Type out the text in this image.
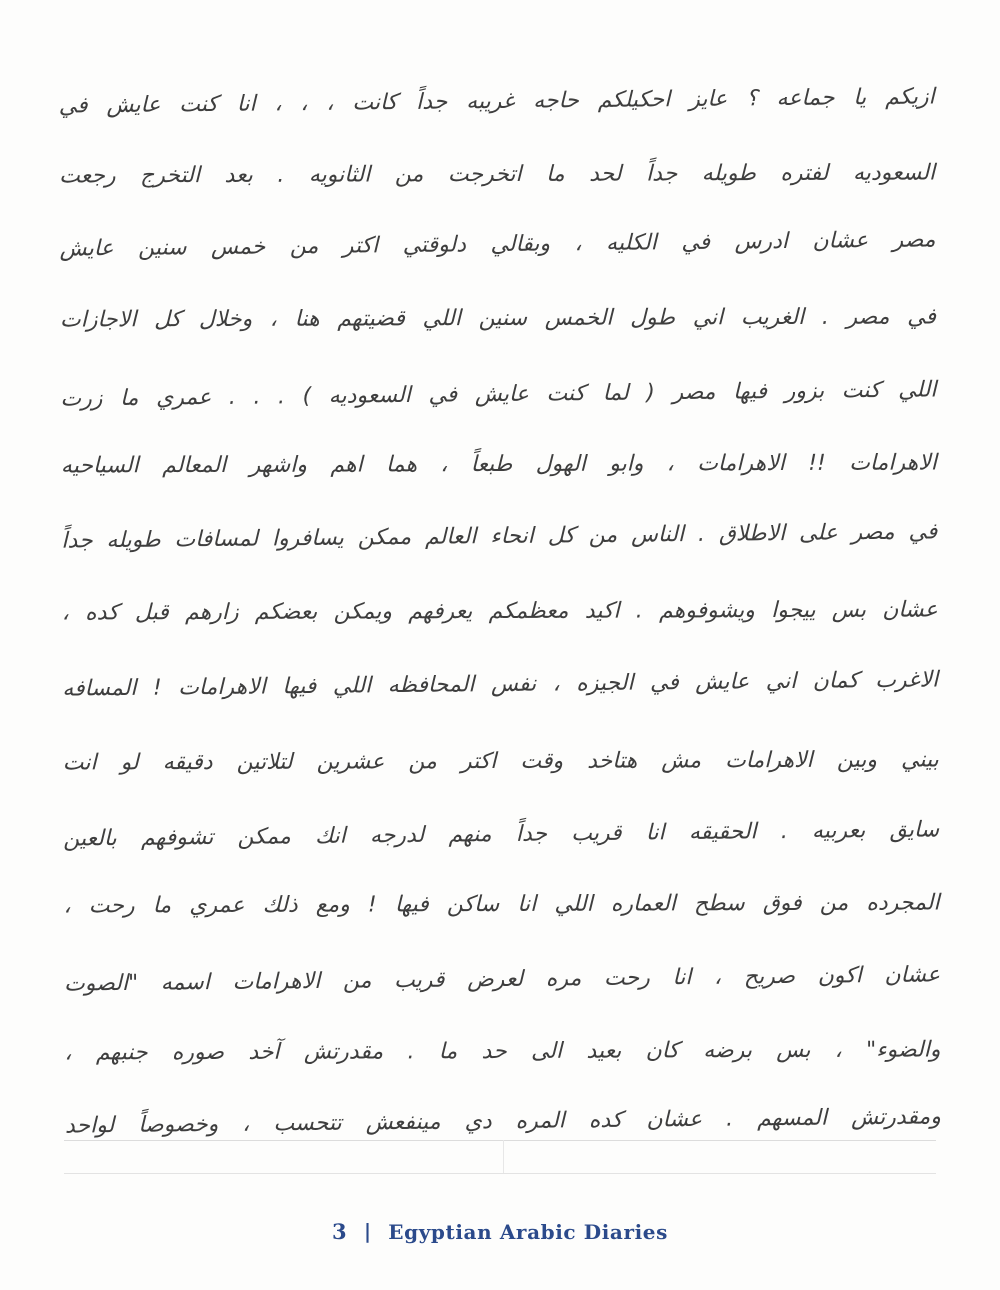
ازيكم يا جماعه ؟ عايز احكيلكم حاجه غريبه جداً كانت ، ، ، انا كنت عايش في
السعوديه لفتره طويله جداً لحد ما اتخرجت من الثانويه . بعد التخرج رجعت
مصر عشان ادرس في الكليه ، وبقالي دلوقتي اكتر من خمس سنين عايش
في مصر . الغريب اني طول الخمس سنين اللي قضيتهم هنا ، وخلال كل الاجازات
اللي كنت بزور فيها مصر ( لما كنت عايش في السعوديه ) . . . عمري ما زرت
الاهرامات !! الاهرامات ، وابو الهول طبعاً ، هما اهم واشهر المعالم السياحيه
في مصر على الاطلاق . الناس من كل انحاء العالم ممكن يسافروا لمسافات طويله جداً
عشان بس ييجوا ويشوفوهم . اكيد معظمكم يعرفهم ويمكن بعضكم زارهم قبل كده ،
الاغرب كمان اني عايش في الجيزه ، نفس المحافظه اللي فيها الاهرامات ! المسافه
بيني وبين الاهرامات مش هتاخد وقت اكتر من عشرين لتلاتين دقيقه لو انت
سايق بعربيه . الحقيقه انا قريب جداً منهم لدرجه انك ممكن تشوفهم بالعين
المجرده من فوق سطح العماره اللي انا ساكن فيها ! ومع ذلك عمري ما رحت ،
عشان اكون صريح ، انا رحت مره لعرض قريب من الاهرامات اسمه "الصوت
والضوء" ، بس برضه كان بعيد الى حد ما . مقدرتش آخد صوره جنبهم ،
ومقدرتش المسهم . عشان كده المره دي مينفعش تتحسب ، وخصوصاً لواحد
3 | Egyptian Arabic Diaries
